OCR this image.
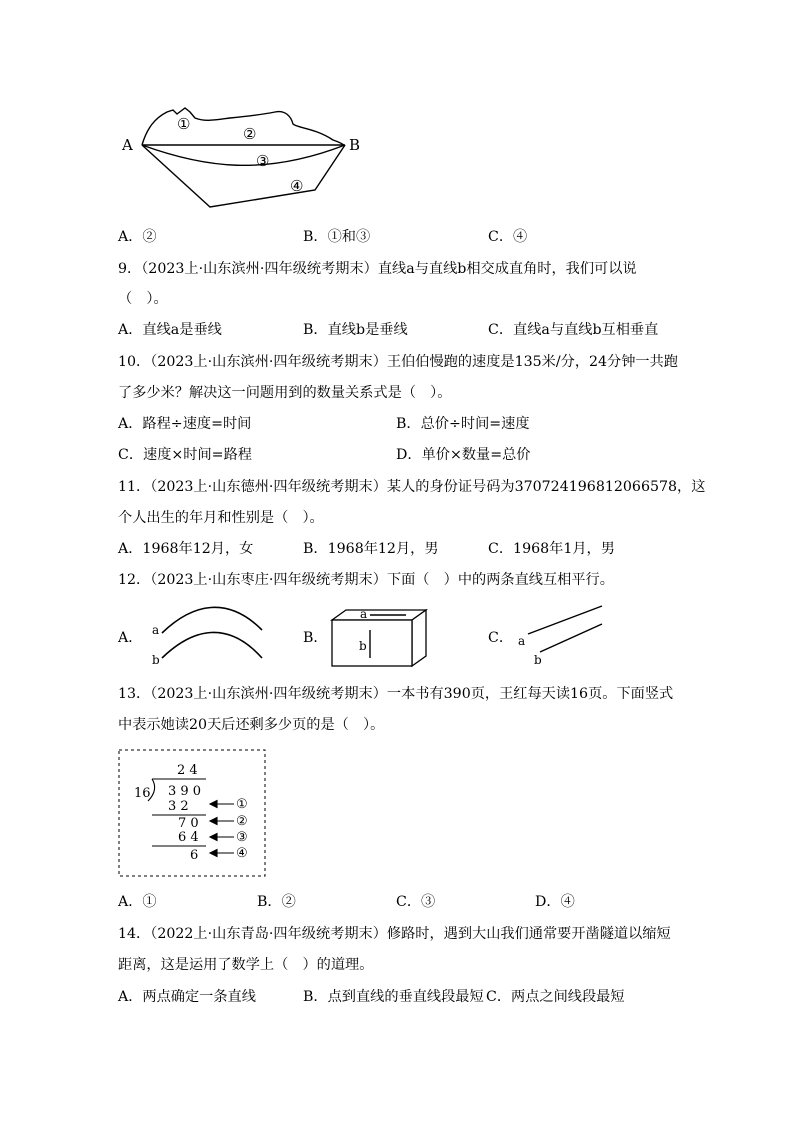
A	B
①
②
③
④
A．②	B．①和③	C．④
9．（2023上·山东滨州·四年级统考期末）直线a与直线b相交成直角时，我们可以说
（　）。
A．直线a是垂线	B．直线b是垂线	C．直线a与直线b互相垂直
10．（2023上·山东滨州·四年级统考期末）王伯伯慢跑的速度是135米/分，24分钟一共跑
了多少米？解决这一问题用到的数量关系式是（　）。
A．路程÷速度=时间	B．总价÷时间=速度
C．速度×时间=路程	D．单价×数量=总价
11．（2023上·山东德州·四年级统考期末）某人的身份证号码为370724196812066578，这
个人出生的年月和性别是（　）。
A．1968年12月，女	B．1968年12月，男	C．1968年1月，男
12．（2023上·山东枣庄·四年级统考期末）下面（　）中的两条直线互相平行。
A． a
b
B．
a
b	C． a
b
13．（2023上·山东滨州·四年级统考期末）一本书有390页，王红每天读16页。下面竖式
中表示她读20天后还剩多少页的是（　）。
2 4
16 3 9 0
3 2
7 0
6 4
6
①
②
③
④
A．①	B．②	C．③	D．④
14．（2022上·山东青岛·四年级统考期末）修路时，遇到大山我们通常要开凿隧道以缩短
距离，这是运用了数学上（　）的道理。
A．两点确定一条直线	B．点到直线的垂直线段最短 C．两点之间线段最短
